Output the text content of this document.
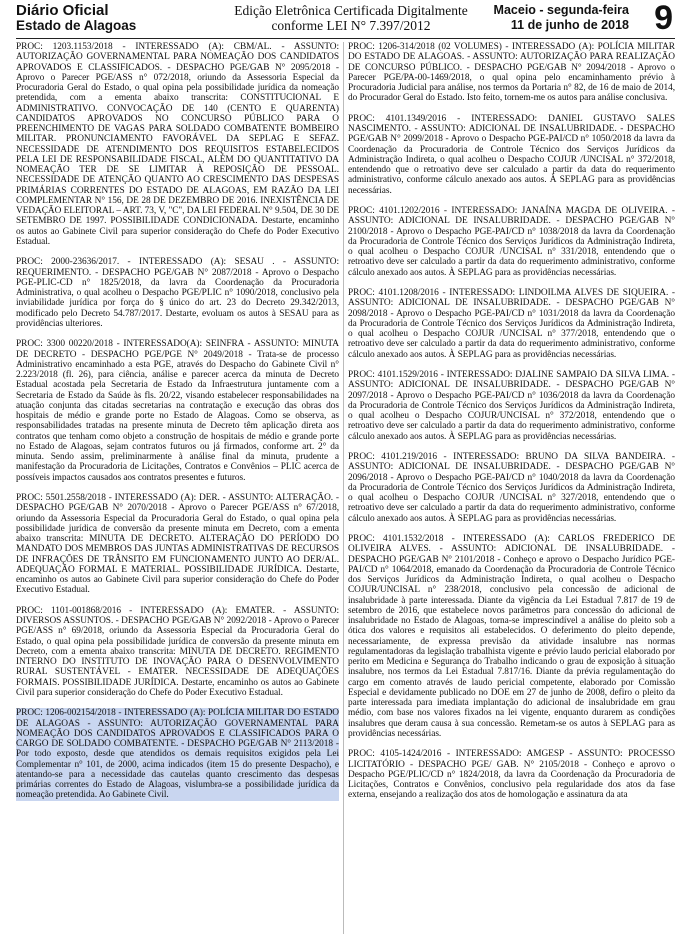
Diário Oficial
Estado de Alagoas
Edição Eletrônica Certificada Digitalmente
conforme LEI N° 7.397/2012
Maceio - segunda-feira
11 de junho de 2018 9

PROC: 1203.1153/2018 - INTERESSADO (A): CBM/AL. - ASSUNTO: AUTORIZAÇÃO GOVERNAMENTAL PARA NOMEAÇÃO DOS CANDIDATOS APROVADOS E CLASSIFICADOS. - DESPACHO PGE/GAB N° 2095/2018 - Aprovo o Parecer PGE/ASS n° 072/2018, oriundo da Assessoria Especial da Procuradoria Geral do Estado, o qual opina pela possibilidade jurídica da nomeação pretendida, com a ementa abaixo transcrita: CONSTITUCIONAL E ADMINISTRATIVO. CONVOCAÇÃO DE 140 (CENTO E QUARENTA) CANDIDATOS APROVADOS NO CONCURSO PÚBLICO PARA O PREENCHIMENTO DE VAGAS PARA SOLDADO COMBATENTE BOMBEIRO MILITAR. PRONUNCIAMENTO FAVORÁVEL DA SEPLAG E SEFAZ. NECESSIDADE DE ATENDIMENTO DOS REQUISITOS ESTABELECIDOS PELA LEI DE RESPONSABILIDADE FISCAL, ALÉM DO QUANTITATIVO DA NOMEAÇÃO TER DE SE LIMITAR À REPOSIÇÃO DE PESSOAL. NECESSIDADE DE ATENÇÃO QUANTO AO CRESCIMENTO DAS DESPESAS PRIMÁRIAS CORRENTES DO ESTADO DE ALAGOAS, EM RAZÃO DA LEI COMPLEMENTAR N° 156, DE 28 DE DEZEMBRO DE 2016. INEXISTÊNCIA DE VEDAÇÃO ELEITORAL – ART. 73, V, "C", DA LEI FEDERAL N° 9.504, DE 30 DE SETEMBRO DE 1997. POSSIBILIDADE CONDICIONADA. Destarte, encaminho os autos ao Gabinete Civil para superior consideração do Chefe do Poder Executivo Estadual.

PROC: 2000-23636/2017. - INTERESSADO (A): SESAU . - ASSUNTO: REQUERIMENTO. - DESPACHO PGE/GAB N° 2087/2018 - Aprovo o Despacho PGE-PLIC-CD n° 1825/2018, da lavra da Coordenação da Procuradoria Administrativa, o qual acolheu o Despacho PGE/PLIC n° 1090/2018, conclusivo pela inviabilidade jurídica por força do § único do art. 23 do Decreto 29.342/2013, modificado pelo Decreto 54.787/2017. Destarte, evoluam os autos à SESAU para as providências ulteriores.

PROC: 3300 00220/2018 - INTERESSADO(A): SEINFRA - ASSUNTO: MINUTA DE DECRETO - DESPACHO PGE/PGE N° 2049/2018 - Trata-se de processo Administrativo encaminhado a esta PGE, através do Despacho do Gabinete Civil n° 2.223/2018 (fl. 26), para ciência, análise e parecer acerca da minuta de Decreto Estadual acostada pela Secretaria de Estado da Infraestrutura juntamente com a Secretaria de Estado da Saúde às fls. 20/22, visando estabelecer responsabilidades na atuação conjunta das citadas secretarias na contratação e execução das obras dos hospitais de médio e grande porte no Estado de Alagoas. Como se observa, as responsabilidades tratadas na presente minuta de Decreto têm aplicação direta aos contratos que tenham como objeto a construção de hospitais de médio e grande porte no Estado de Alagoas, sejam contratos futuros ou já firmados, conforme art. 2° da minuta. Sendo assim, preliminarmente à análise final da minuta, prudente a manifestação da Procuradoria de Licitações, Contratos e Convênios – PLIC acerca de possíveis impactos causados aos contratos presentes e futuros.

PROC: 5501.2558/2018 - INTERESSADO (A): DER. - ASSUNTO: ALTERAÇÃO. - DESPACHO PGE/GAB N° 2070/2018 - Aprovo o Parecer PGE/ASS n° 67/2018, oriundo da Assessoria Especial da Procuradoria Geral do Estado, o qual opina pela possibilidade jurídica de conversão da presente minuta em Decreto, com a ementa abaixo transcrita: MINUTA DE DECRETO. ALTERAÇÃO DO PERÍODO DO MANDATO DOS MEMBROS DAS JUNTAS ADMINISTRATIVAS DE RECURSOS DE INFRAÇÕES DE TRÂNSITO EM FUNCIONAMENTO JUNTO AO DER/AL. ADEQUAÇÃO FORMAL E MATERIAL. POSSIBILIDADE JURÍDICA. Destarte, encaminho os autos ao Gabinete Civil para superior consideração do Chefe do Poder Executivo Estadual.

PROC: 1101-001868/2016 - INTERESSADO (A): EMATER. - ASSUNTO: DIVERSOS ASSUNTOS. - DESPACHO PGE/GAB N° 2092/2018 - Aprovo o Parecer PGE/ASS n° 69/2018, oriundo da Assessoria Especial da Procuradoria Geral do Estado, o qual opina pela possibilidade jurídica de conversão da presente minuta em Decreto, com a ementa abaixo transcrita: MINUTA DE DECRETO. REGIMENTO INTERNO DO INSTITUTO DE INOVAÇÃO PARA O DESENVOLVIMENTO RURAL SUSTENTÁVEL - EMATER. NECESSIDADE DE ADEQUAÇÕES FORMAIS. POSSIBILIDADE JURÍDICA. Destarte, encaminho os autos ao Gabinete Civil para superior consideração do Chefe do Poder Executivo Estadual.

PROC: 1206-002154/2018 - INTERESSADO (A): POLÍCIA MILITAR DO ESTADO DE ALAGOAS - ASSUNTO: AUTORIZAÇÃO GOVERNAMENTAL PARA NOMEAÇÃO DOS CANDIDATOS APROVADOS E CLASSIFICADOS PARA O CARGO DE SOLDADO COMBATENTE. - DESPACHO PGE/GAB N° 2113/2018 - Por todo exposto, desde que atendidos os demais requisitos exigidos pela Lei Complementar n° 101, de 2000, acima indicados (item 15 do presente Despacho), e atentando-se para a necessidade das cautelas quanto crescimento das despesas primárias correntes do Estado de Alagoas, vislumbra-se a possibilidade jurídica da nomeação pretendida. Ao Gabinete Civil.

PROC: 1206-314/2018 (02 VOLUMES) - INTERESSADO (A): POLÍCIA MILITAR DO ESTADO DE ALAGOAS. - ASSUNTO: AUTORIZAÇÃO PARA REALIZAÇÃO DE CONCURSO PÚBLICO. - DESPACHO PGE/GAB N° 2094/2018 - Aprovo o Parecer PGE/PA-00-1469/2018, o qual opina pelo encaminhamento prévio à Procuradoria Judicial para análise, nos termos da Portaria n° 82, de 16 de maio de 2014, do Procurador Geral do Estado. Isto feito, tornem-me os autos para análise conclusiva.

PROC: 4101.1349/2016 - INTERESSADO: DANIEL GUSTAVO SALES NASCIMENTO. - ASSUNTO: ADICIONAL DE INSALUBRIDADE. - DESPACHO PGE/GAB N° 2099/2018 - Aprovo o Despacho PGE-PAI/CD n° 1050/2018 da lavra da Coordenação da Procuradoria de Controle Técnico dos Serviços Jurídicos da Administração Indireta, o qual acolheu o Despacho COJUR /UNCISAL n° 372/2018, entendendo que o retroativo deve ser calculado a partir da data do requerimento administrativo, conforme cálculo anexado aos autos. À SEPLAG para as providências necessárias.

PROC: 4101.1202/2016 - INTERESSADO: JANAÍNA MAGDA DE OLIVEIRA. - ASSUNTO: ADICIONAL DE INSALUBRIDADE. - DESPACHO PGE/GAB N° 2100/2018 - Aprovo o Despacho PGE-PAI/CD n° 1038/2018 da lavra da Coordenação da Procuradoria de Controle Técnico dos Serviços Jurídicos da Administração Indireta, o qual acolheu o Despacho COJUR /UNCISAL n° 331/2018, entendendo que o retroativo deve ser calculado a partir da data do requerimento administrativo, conforme cálculo anexado aos autos. À SEPLAG para as providências necessárias.

PROC: 4101.1208/2016 - INTERESSADO: LINDOILMA ALVES DE SIQUEIRA. - ASSUNTO: ADICIONAL DE INSALUBRIDADE. - DESPACHO PGE/GAB N° 2098/2018 - Aprovo o Despacho PGE-PAI/CD n° 1031/2018 da lavra da Coordenação da Procuradoria de Controle Técnico dos Serviços Jurídicos da Administração Indireta, o qual acolheu o Despacho COJUR /UNCISAL n° 377/2018, entendendo que o retroativo deve ser calculado a partir da data do requerimento administrativo, conforme cálculo anexado aos autos. À SEPLAG para as providências necessárias.

PROC: 4101.1529/2016 - INTERESSADO: DJALINE SAMPAIO DA SILVA LIMA. - ASSUNTO: ADICIONAL DE INSALUBRIDADE. - DESPACHO PGE/GAB N° 2097/2018 - Aprovo o Despacho PGE-PAI/CD n° 1036/2018 da lavra da Coordenação da Procuradoria de Controle Técnico dos Serviços Jurídicos da Administração Indireta, o qual acolheu o Despacho COJUR/UNCISAL n° 372/2018, entendendo que o retroativo deve ser calculado a partir da data do requerimento administrativo, conforme cálculo anexado aos autos. À SEPLAG para as providências necessárias.

PROC: 4101.219/2016 - INTERESSADO: BRUNO DA SILVA BANDEIRA. - ASSUNTO: ADICIONAL DE INSALUBRIDADE. - DESPACHO PGE/GAB N° 2096/2018 - Aprovo o Despacho PGE-PAI/CD n° 1040/2018 da lavra da Coordenação da Procuradoria de Controle Técnico dos Serviços Jurídicos da Administração Indireta, o qual acolheu o Despacho COJUR /UNCISAL n° 327/2018, entendendo que o retroativo deve ser calculado a partir da data do requerimento administrativo, conforme cálculo anexado aos autos. À SEPLAG para as providências necessárias.

PROC: 4101.1532/2018 - INTERESSADO (A): CARLOS FREDERICO DE OLIVEIRA ALVES. - ASSUNTO: ADICIONAL DE INSALUBRIDADE. - DESPACHO PGE/GAB N° 2101/2018 - Conheço e aprovo o Despacho Jurídico PGE-PAI/CD n° 1064/2018, emanado da Coordenação da Procuradoria de Controle Técnico dos Serviços Jurídicos da Administração Indireta, o qual acolheu o Despacho COJUR/UNCISAL n° 238/2018, conclusivo pela concessão de adicional de insalubridade à parte interessada. Diante da vigência da Lei Estadual 7.817 de 19 de setembro de 2016, que estabelece novos parâmetros para concessão do adicional de insalubridade no Estado de Alagoas, torna-se imprescindível a análise do pleito sob a ótica dos valores e requisitos ali estabelecidos. O deferimento do pleito depende, necessariamente, de expressa previsão da atividade insalubre nas normas regulamentadoras da legislação trabalhista vigente e prévio laudo pericial elaborado por perito em Medicina e Segurança do Trabalho indicando o grau de exposição à situação insalubre, nos termos da Lei Estadual 7.817/16. Diante da prévia regulamentação do cargo em comento através de laudo pericial competente, elaborado por Comissão Especial e devidamente publicado no DOE em 27 de junho de 2008, defiro o pleito da parte interessada para imediata implantação do adicional de insalubridade em grau médio, com base nos valores fixados na lei vigente, enquanto durarem as condições insalubres que deram causa à sua concessão. Remetam-se os autos à SEPLAG para as providências necessárias.

PROC: 4105-1424/2016 - INTERESSADO: AMGESP - ASSUNTO: PROCESSO LICITATÓRIO - DESPACHO PGE/ GAB. N° 2105/2018 - Conheço e aprovo o Despacho PGE/PLIC/CD n° 1824/2018, da lavra da Coordenação da Procuradoria de Licitações, Contratos e Convênios, conclusivo pela regularidade dos atos da fase externa, ensejando a realização dos atos de homologação e assinatura da ata
